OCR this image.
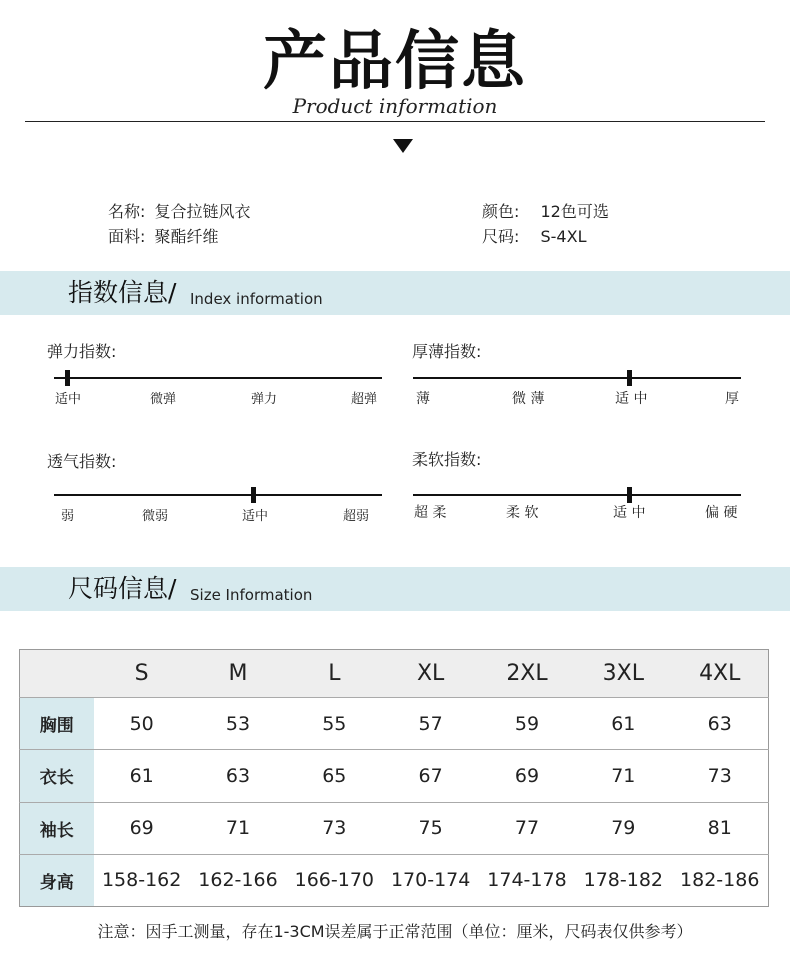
产品信息
Product information
名称: 复合拉链风衣
面料: 聚酯纤维
颜色: 12色可选
尺码: S-4XL
指数信息/ Index information
弹力指数:
适中	微弹	弹力	超弹
厚薄指数:
薄	微 薄	适 中	厚
透气指数:
弱	微弱	适中	超弱
柔软指数:
超 柔	柔 软	适 中	偏 硬
尺码信息/ Size Information
	S	M	L	XL	2XL	3XL	4XL
胸围	50	53	55	57	59	61	63
衣长	61	63	65	67	69	71	73
袖长	69	71	73	75	77	79	81
身高	158-162	162-166	166-170	170-174	174-178	178-182	182-186
注意：因手工测量，存在1-3CM误差属于正常范围（单位：厘米，尺码表仅供参考）
